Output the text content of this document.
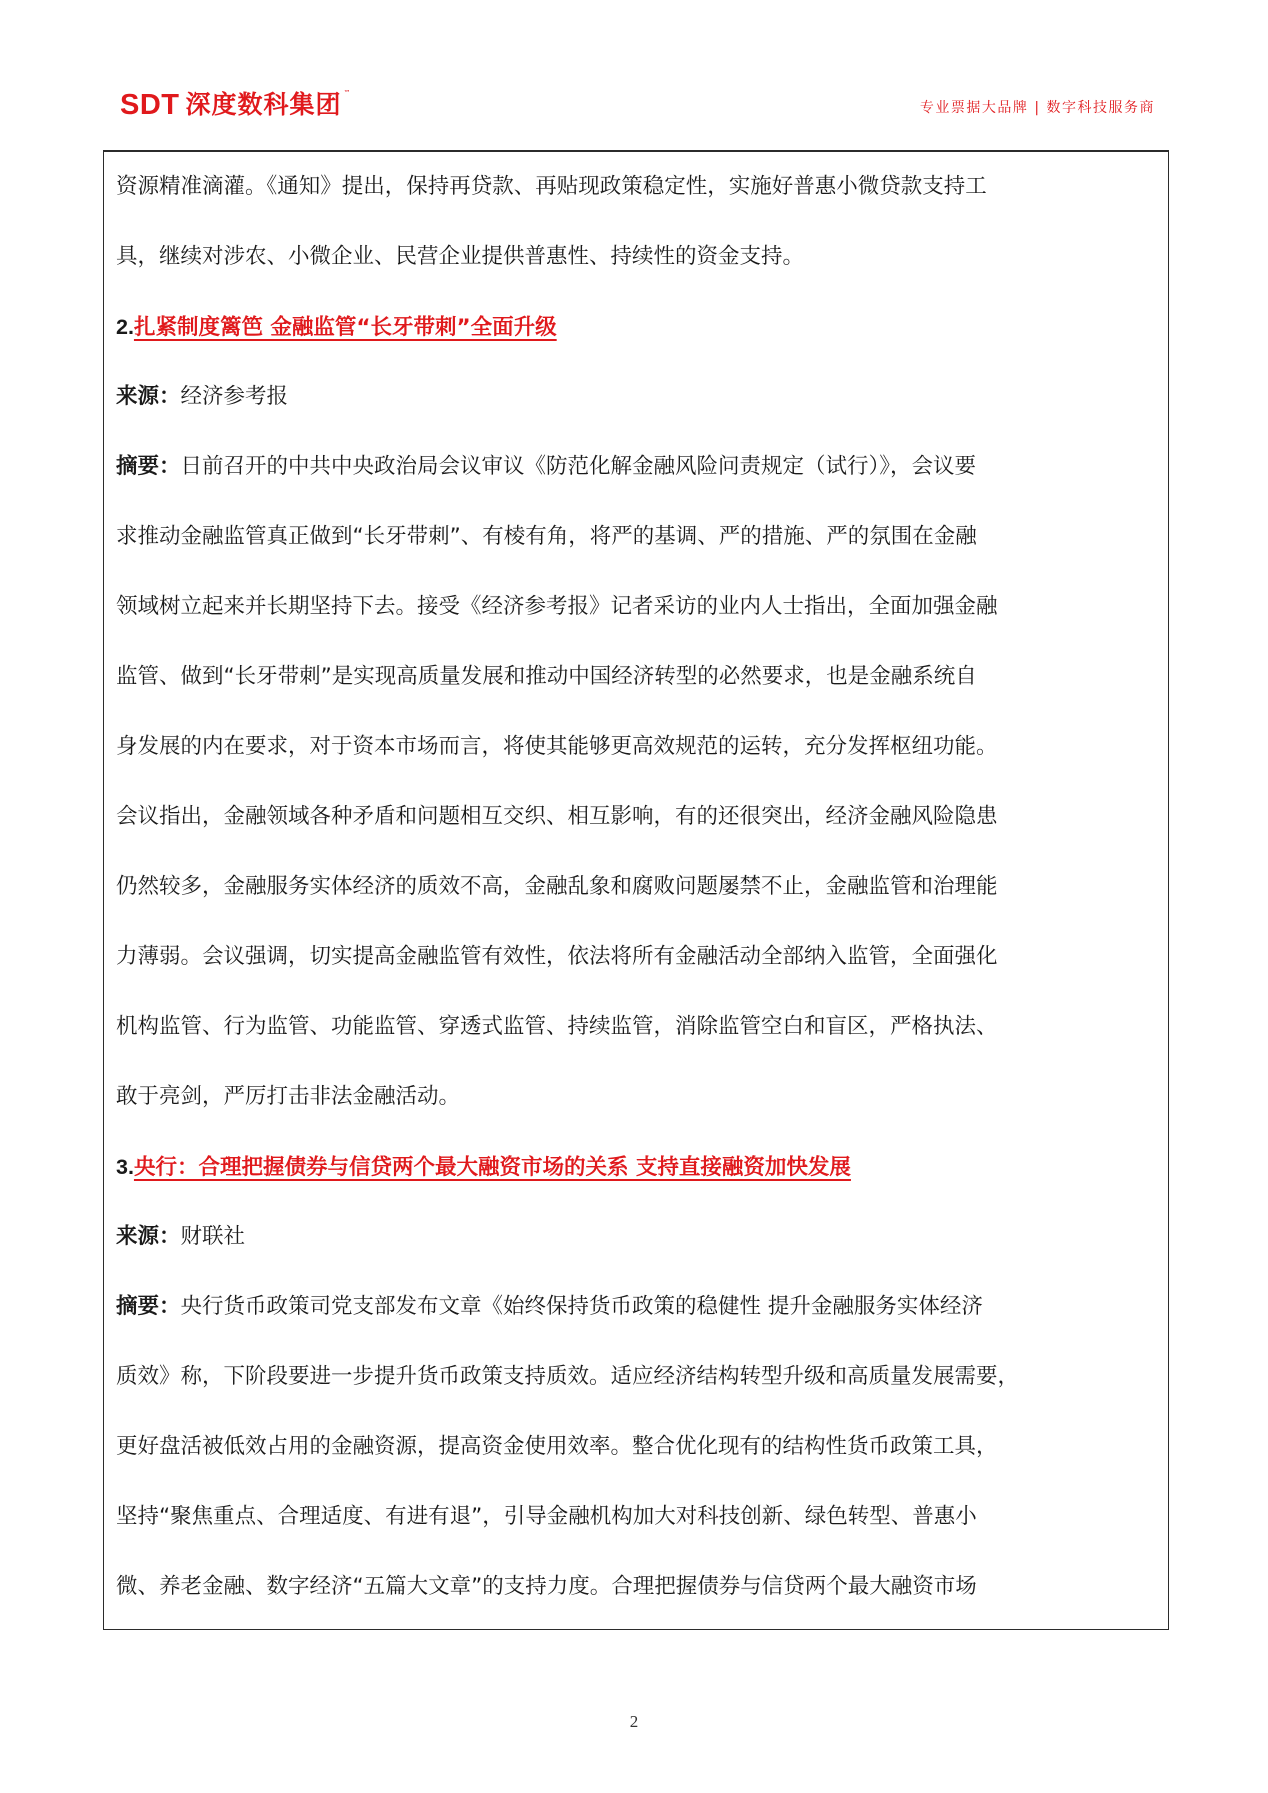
SDT 深度数科集团 ™
专业票据大品牌 | 数字科技服务商
资源精准滴灌。《通知》提出，保持再贷款、再贴现政策稳定性，实施好普惠小微贷款支持工
具，继续对涉农、小微企业、民营企业提供普惠性、持续性的资金支持。
2.扎紧制度篱笆 金融监管“长牙带刺”全面升级
来源：经济参考报
摘要：日前召开的中共中央政治局会议审议《防范化解金融风险问责规定（试行）》，会议要
求推动金融监管真正做到“长牙带刺”、有棱有角，将严的基调、严的措施、严的氛围在金融
领域树立起来并长期坚持下去。接受《经济参考报》记者采访的业内人士指出，全面加强金融
监管、做到“长牙带刺”是实现高质量发展和推动中国经济转型的必然要求，也是金融系统自
身发展的内在要求，对于资本市场而言，将使其能够更高效规范的运转，充分发挥枢纽功能。
会议指出，金融领域各种矛盾和问题相互交织、相互影响，有的还很突出，经济金融风险隐患
仍然较多，金融服务实体经济的质效不高，金融乱象和腐败问题屡禁不止，金融监管和治理能
力薄弱。会议强调，切实提高金融监管有效性，依法将所有金融活动全部纳入监管，全面强化
机构监管、行为监管、功能监管、穿透式监管、持续监管，消除监管空白和盲区，严格执法、
敢于亮剑，严厉打击非法金融活动。
3.央行：合理把握债券与信贷两个最大融资市场的关系 支持直接融资加快发展
来源：财联社
摘要：央行货币政策司党支部发布文章《始终保持货币政策的稳健性 提升金融服务实体经济
质效》称，下阶段要进一步提升货币政策支持质效。适应经济结构转型升级和高质量发展需要，
更好盘活被低效占用的金融资源，提高资金使用效率。整合优化现有的结构性货币政策工具，
坚持“聚焦重点、合理适度、有进有退”，引导金融机构加大对科技创新、绿色转型、普惠小
微、养老金融、数字经济“五篇大文章”的支持力度。合理把握债券与信贷两个最大融资市场
2
